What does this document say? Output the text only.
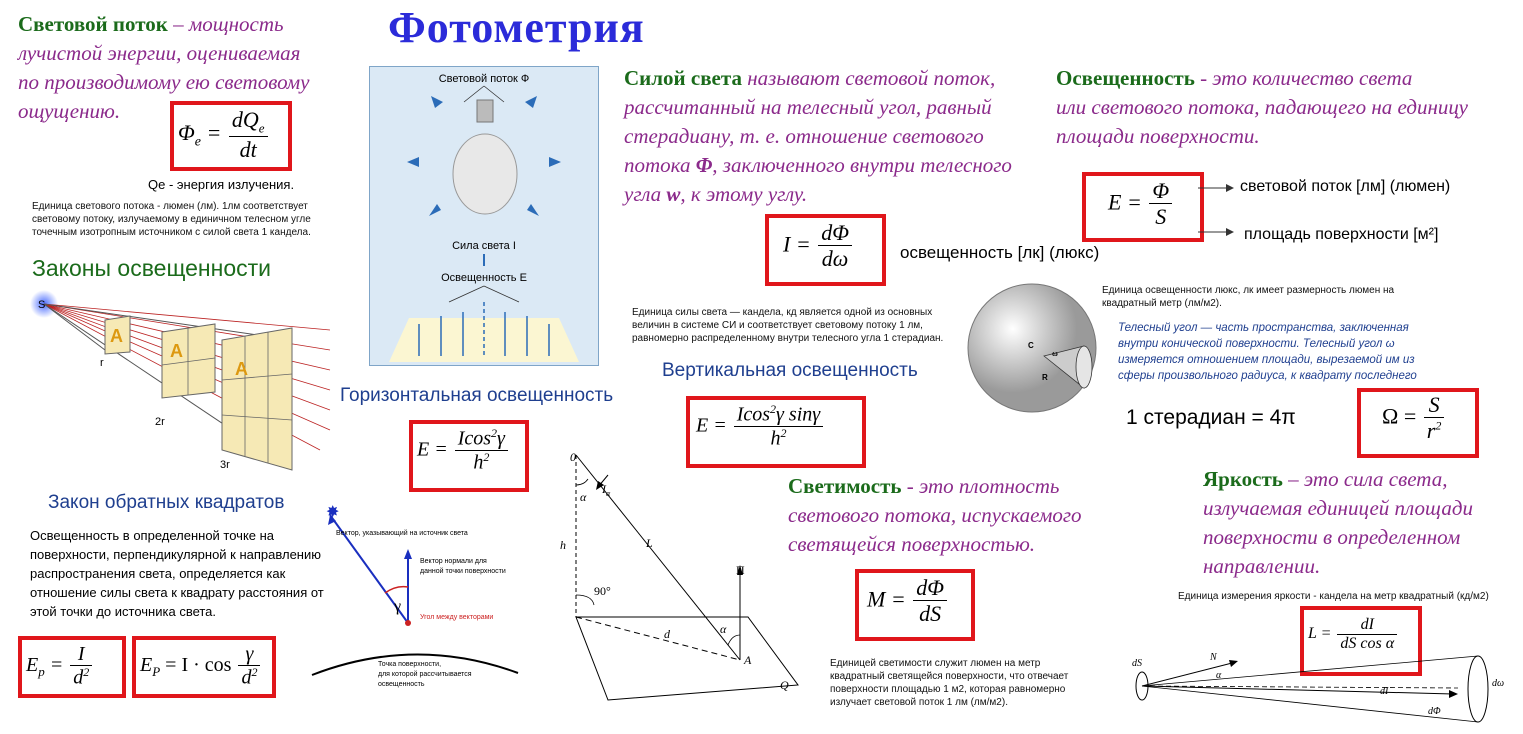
Фотометрия
Световой поток – мощность
лучистой энергии, оцениваемая
по производимому ею световому
ощущению.
$\Phi_e = \frac{dQ_e}{dt}$
Qe - энергия излучения.
Единица светового потока - люмен (лм). 1лм соответствует
световому потоку, излучаемому в единичном телесном угле
точечным изотропным источником с силой света 1 кандела.
Законы освещенности
A
A
A
S
r
2r
3r
Закон обратных квадратов
Освещенность в определенной точке на
поверхности, перпендикулярной к направлению
распространения света, определяется как
отношение силы света к квадрату расстояния от
этой точки до источника света.
$E_p = \frac{I}{d^2} E_P = I \cdot \cos \frac{\gamma}{d^2}$
✸
Вектор, указывающий на источник света
Вектор нормали для
данной точки поверхности
γ
Угол между векторами
Точка поверхности,
для которой рассчитывается
освещенность
Световой поток Ф
Сила света I
Освещенность Е
Горизонтальная освещенность
$E = \frac{Icos^2\gamma}{h^2}$	0
α
$I_\alpha$
h	L
90°
П
d	α
A
Q
Силой света называют световой поток,
рассчитанный на телесный угол, равный
стерадиану, т. е. отношение светового
потока Φ, заключенного внутри телесного
угла w, к этому углу.
$I = \frac{d\Phi}{d\omega}$	освещенность [лк] (люкс)
Единица силы света — кандела, кд является одной из основных
величин в системе СИ и соответствует световому потоку 1 лм,
равномерно распределенному внутри телесного угла 1 стерадиан.
Вертикальная освещенность
$E = \frac{Icos^2\gamma \sin\gamma}{h^2}$
Светимость - это плотность
светового потока, испускаемого
светящейся поверхностью.
$M = \frac{d\Phi}{dS}$
Единицей светимости служит люмен на метр
квадратный светящейся поверхности, что отвечает
поверхности площадью 1 м2, которая равномерно
излучает световой поток 1 лм (лм/м2).
Освещенность - это количество света
или светового потока, падающего на единицу
площади поверхности.
$E = \frac{\Phi}{S}$	световой поток [лм] (люмен)
площадь поверхности [м²]
Единица освещенности люкс, лк имеет размерность люмен на
квадратный метр (лм/м2).
C
R
ω
Телесный угол — часть пространства, заключенная
внутри конической поверхности. Телесный угол ω
измеряется отношением площади, вырезаемой им из
сферы произвольного радиуса, к квадрату последнего
1 стерадиан = 4π	$\Omega = \frac{S}{r^2}$
Яркость – это сила света,
излучаемая единицей площади
поверхности в определенном
направлении.
Единица измерения яркости - кандела на метр квадратный (кд/м2)
$L = \frac{dI}{\text{dS cos α}}$
dS
N
α
dI
dΦ
dω
